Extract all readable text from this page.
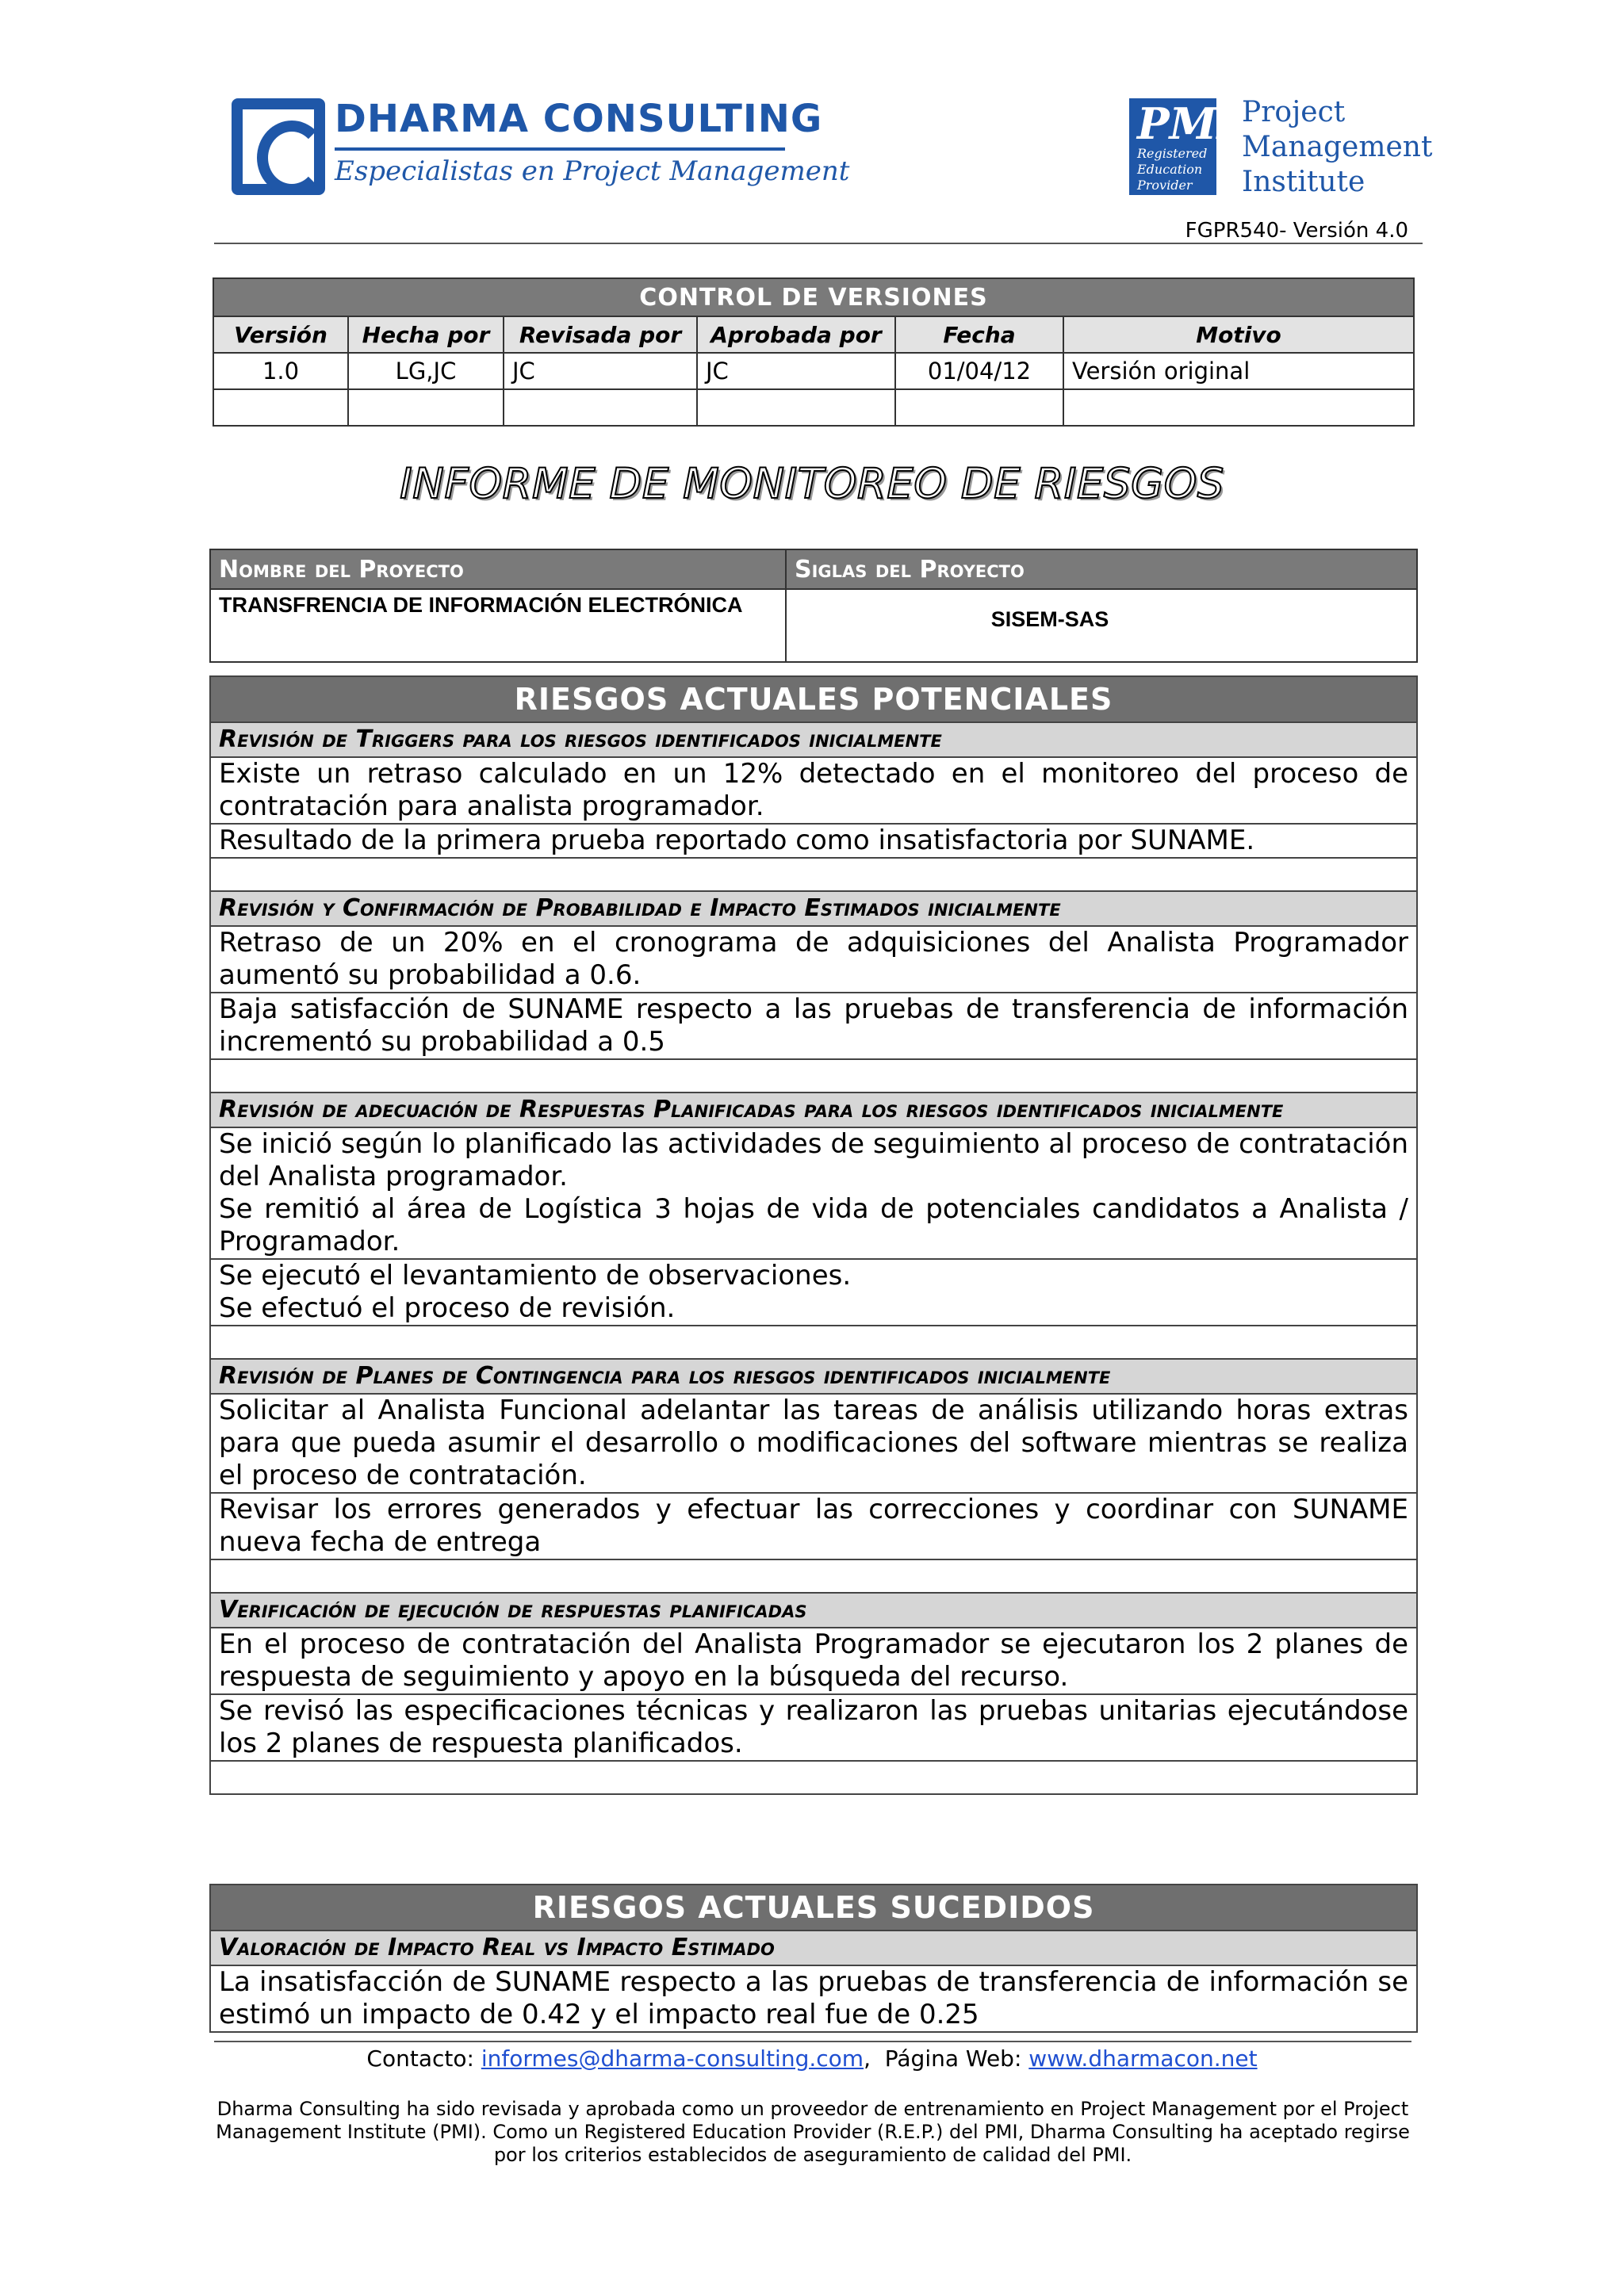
DHARMA CONSULTING
Especialistas en Project Management
PMI
Registered Education Provider
Project
Management
Institute
FGPR540- Versión 4.0
CONTROL DE VERSIONES					
Versión	Hecha por	Revisada por	Aprobada por	Fecha	Motivo
1.0	LG,JC	JC	JC	01/04/12	Versión original

INFORME DE MONITOREO DE RIESGOS
Nombre del Proyecto	Siglas del Proyecto
TRANSFRENCIA DE INFORMACIÓN ELECTRÓNICA	SISEM-SAS
RIESGOS ACTUALES POTENCIALES
Revisión de Triggers para los riesgos identificados inicialmente
Existe un retraso calculado en un 12% detectado en el monitoreo del proceso de contratación para analista programador.
Resultado de la primera prueba reportado como insatisfactoria por SUNAME.

Revisión y Confirmación de Probabilidad e Impacto Estimados inicialmente
Retraso de un 20% en el cronograma de adquisiciones del Analista Programador aumentó su probabilidad a 0.6.
Baja satisfacción de SUNAME respecto a las pruebas de transferencia de información incrementó su probabilidad a 0.5

Revisión de adecuación de Respuestas Planificadas para los riesgos identificados inicialmente

Se inició según lo planificado las actividades de seguimiento al proceso de contratación del Analista programador.
Se remitió al área de Logística 3 hojas de vida de potenciales candidatos a Analista / Programador.

Se ejecutó el levantamiento de observaciones.
Se efectuó el proceso de revisión.

Revisión de Planes de Contingencia para los riesgos identificados inicialmente
Solicitar al Analista Funcional adelantar las tareas de análisis utilizando horas extras para que pueda asumir el desarrollo o modificaciones del software mientras se realiza el proceso de contratación.
Revisar los errores generados y efectuar las correcciones y coordinar con SUNAME nueva fecha de entrega

Verificación de ejecución de respuestas planificadas
En el proceso de contratación del Analista Programador se ejecutaron los 2 planes de respuesta de seguimiento y apoyo en la búsqueda del recurso.
Se revisó las especificaciones técnicas y realizaron las pruebas unitarias ejecutándose los 2 planes de respuesta planificados.

RIESGOS ACTUALES SUCEDIDOS
Valoración de Impacto Real vs Impacto Estimado
La insatisfacción de SUNAME respecto a las pruebas de transferencia de información se estimó un impacto de 0.42 y el impacto real fue de 0.25
Contacto: informes@dharma-consulting.com,  Página Web: www.dharmacon.net
Dharma Consulting ha sido revisada y aprobada como un proveedor de entrenamiento en Project Management por el Project Management Institute (PMI). Como un Registered Education Provider (R.E.P.) del PMI, Dharma Consulting ha aceptado regirse por los criterios establecidos de aseguramiento de calidad del PMI.
